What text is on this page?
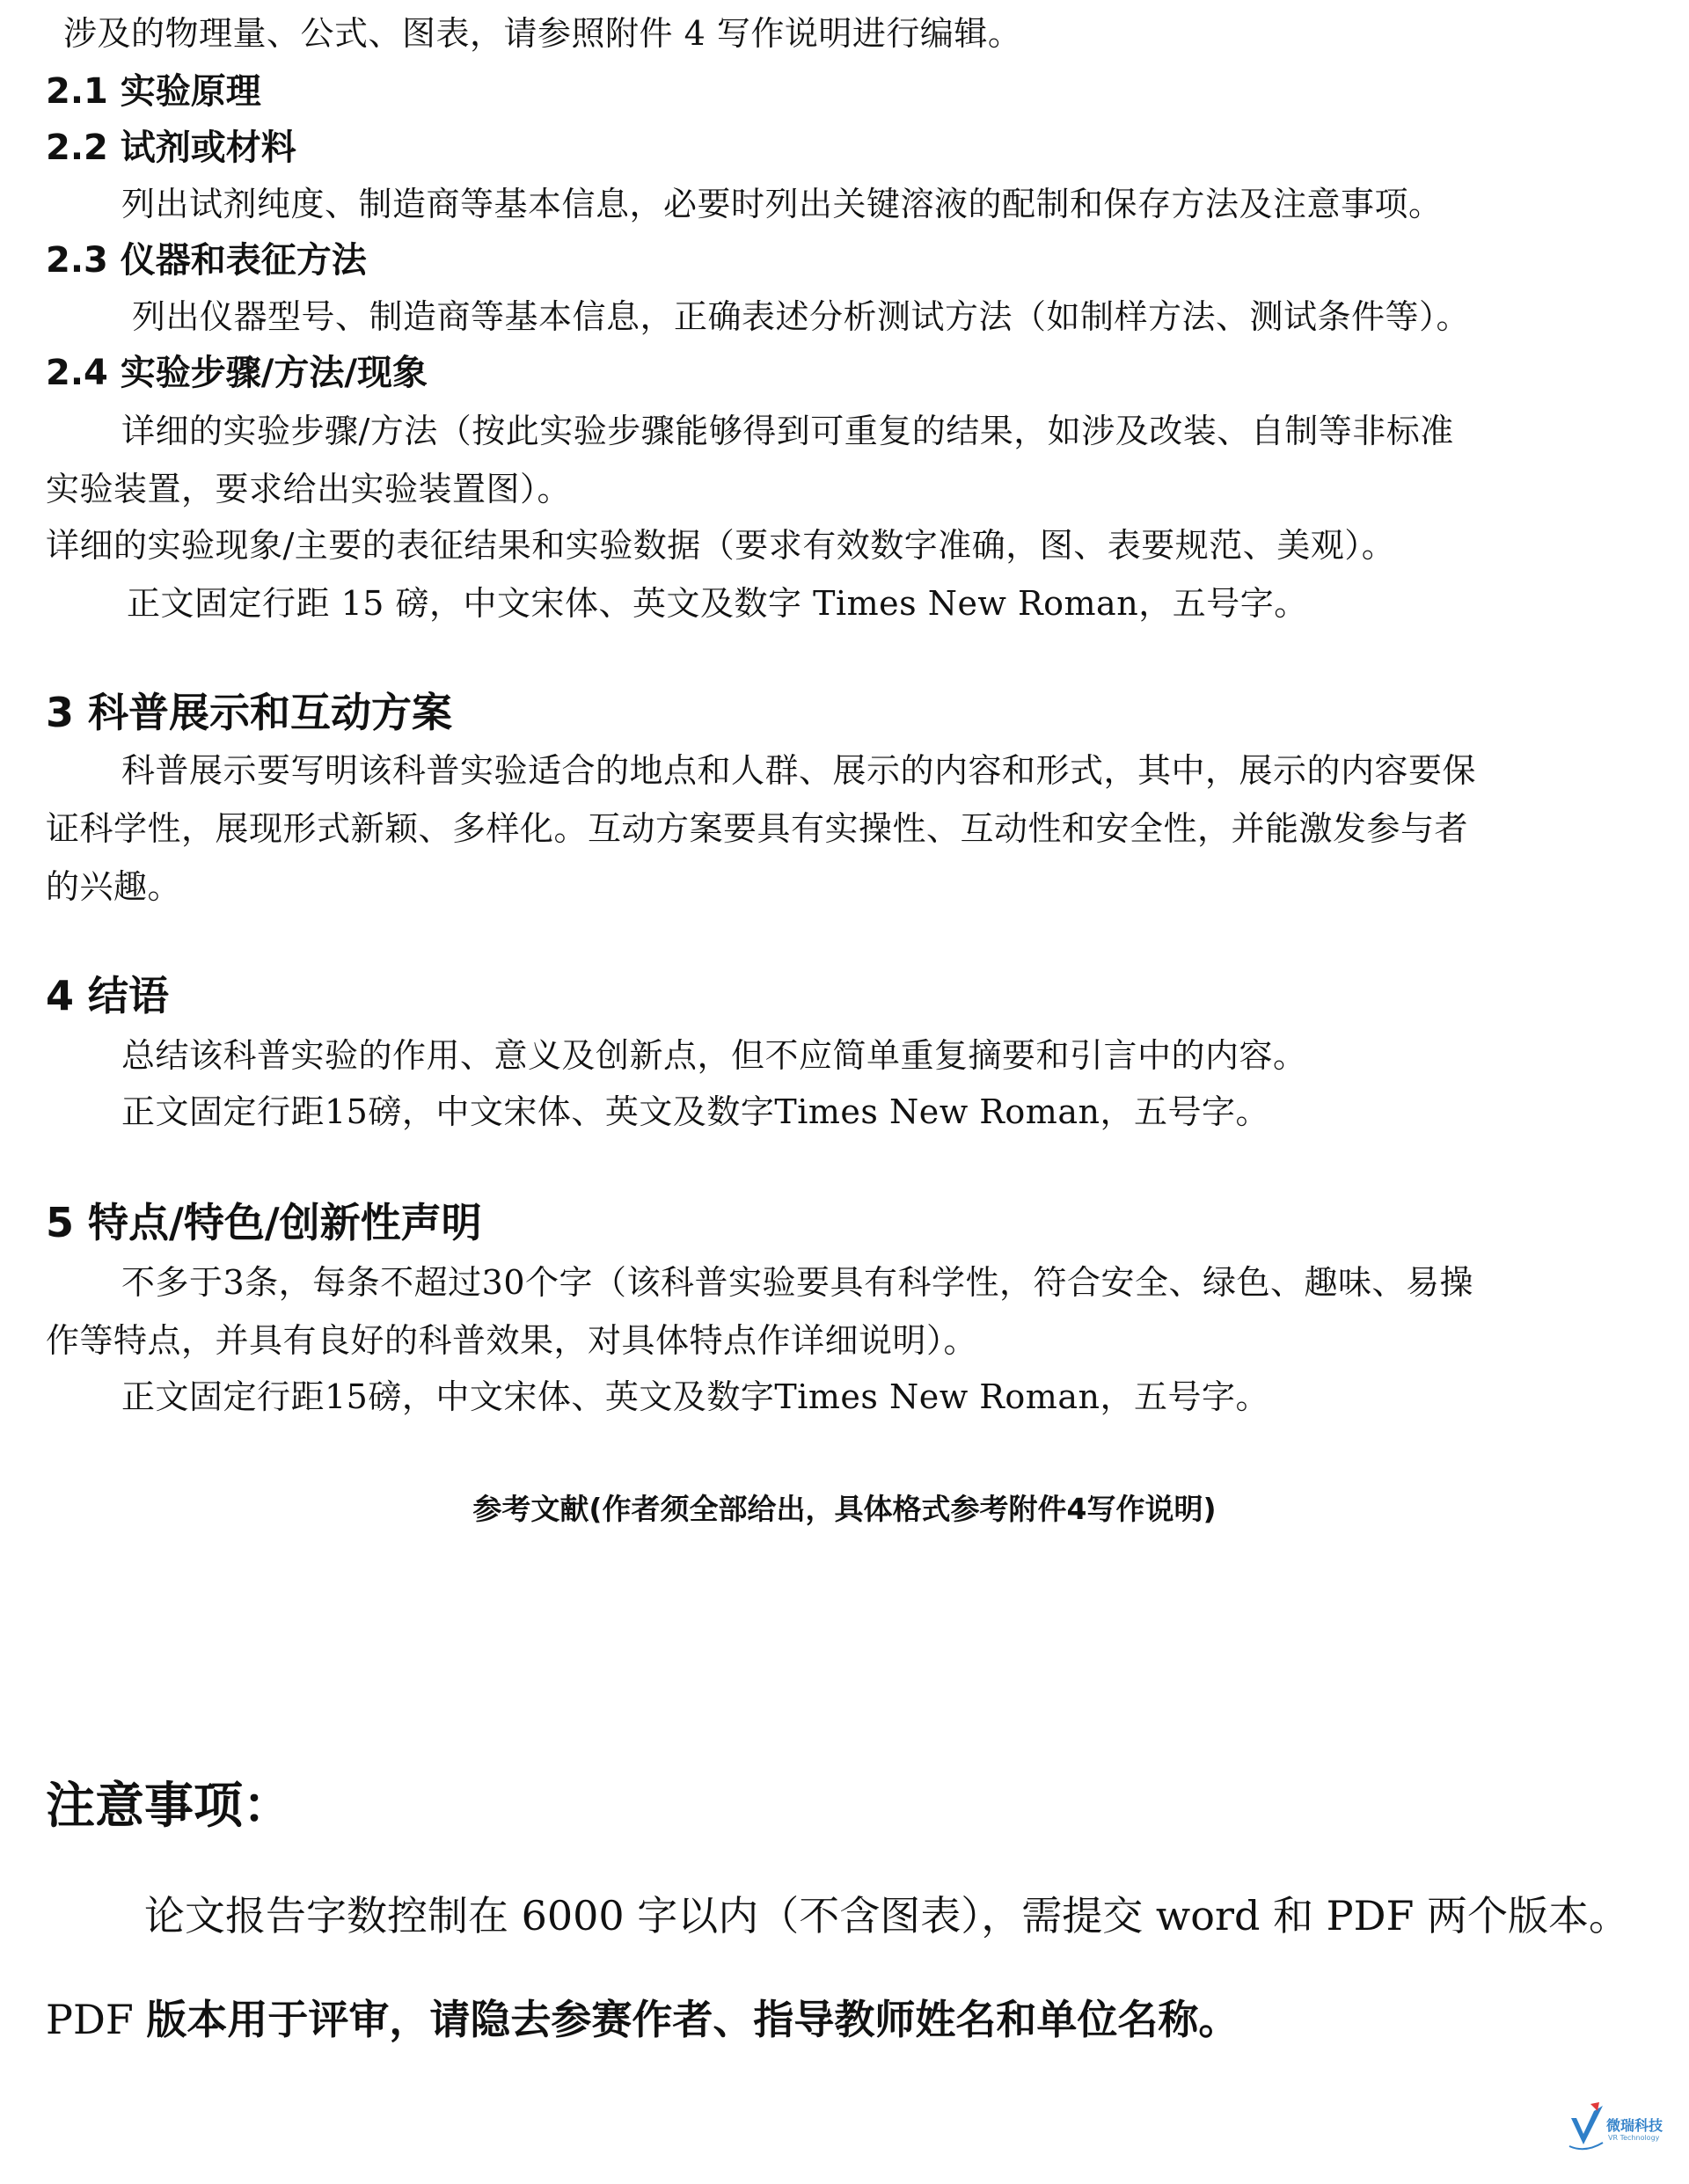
涉及的物理量、公式、图表，请参照附件 4 写作说明进行编辑。
2.1 实验原理
2.2 试剂或材料
列出试剂纯度、制造商等基本信息，必要时列出关键溶液的配制和保存方法及注意事项。
2.3 仪器和表征方法
列出仪器型号、制造商等基本信息，正确表述分析测试方法（如制样方法、测试条件等）。
2.4 实验步骤/方法/现象
详细的实验步骤/方法（按此实验步骤能够得到可重复的结果，如涉及改装、自制等非标准
实验装置，要求给出实验装置图）。
详细的实验现象/主要的表征结果和实验数据（要求有效数字准确，图、表要规范、美观）。
正文固定行距 15 磅，中文宋体、英文及数字 Times New Roman，五号字。
3 科普展示和互动方案
科普展示要写明该科普实验适合的地点和人群、展示的内容和形式，其中，展示的内容要保
证科学性，展现形式新颖、多样化。互动方案要具有实操性、互动性和安全性，并能激发参与者
的兴趣。
4 结语
总结该科普实验的作用、意义及创新点，但不应简单重复摘要和引言中的内容。
正文固定行距15磅，中文宋体、英文及数字Times New Roman，五号字。
5 特点/特色/创新性声明
不多于3条，每条不超过30个字（该科普实验要具有科学性，符合安全、绿色、趣味、易操
作等特点，并具有良好的科普效果，对具体特点作详细说明）。
正文固定行距15磅，中文宋体、英文及数字Times New Roman，五号字。
参考文献(作者须全部给出，具体格式参考附件4写作说明)
注意事项：
论文报告字数控制在 6000 字以内（不含图表），需提交 word 和 PDF 两个版本。
PDF 版本用于评审，请隐去参赛作者、指导教师姓名和单位名称。
微瑞科技
VR Technology
